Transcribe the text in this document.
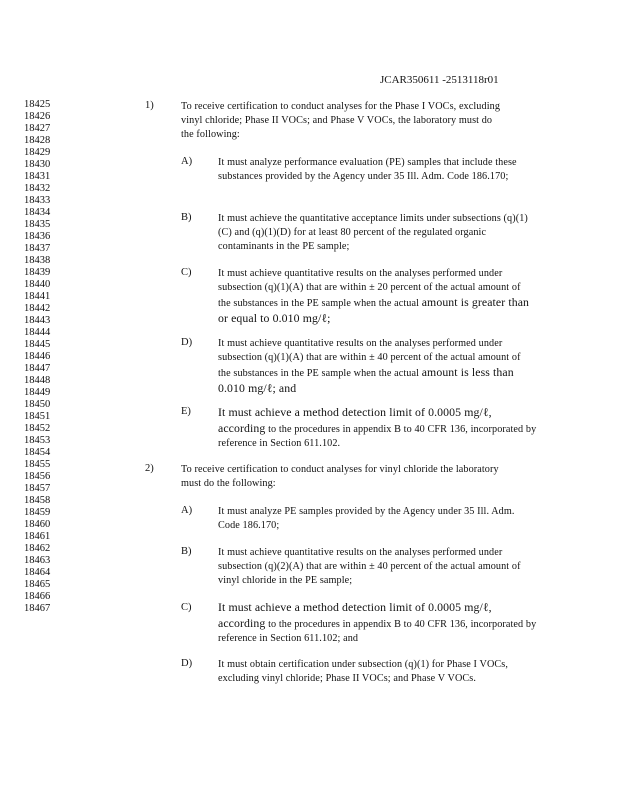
JCAR350611 -2513118r01
18425
18426
18427
18428
18429
18430
18431
18432
18433
18434
18435
18436
18437
18438
18439
18440
18441
18442
18443
18444
18445
18446
18447
18448
18449
18450
18451
18452
18453
18454
18455
18456
18457
18458
18459
18460
18461
18462
18463
18464
18465
18466
18467
1)	To receive certification to conduct analyses for the Phase I VOCs, excluding vinyl chloride; Phase II VOCs; and Phase V VOCs, the laboratory must do the following:
A)	It must analyze performance evaluation (PE) samples that include these substances provided by the Agency under 35 Ill. Adm. Code 186.170;
B)	It must achieve the quantitative acceptance limits under subsections (q)(1)(C) and (q)(1)(D) for at least 80 percent of the regulated organic contaminants in the PE sample;
C)	It must achieve quantitative results on the analyses performed under subsection (q)(1)(A) that are within ± 20 percent of the actual amount of the substances in the PE sample when the actual amount is greater than or equal to 0.010 mg/ℓ;
D)	It must achieve quantitative results on the analyses performed under subsection (q)(1)(A) that are within ± 40 percent of the actual amount of the substances in the PE sample when the actual amount is less than 0.010 mg/ℓ; and
E) It must achieve a method detection limit of 0.0005 mg/ℓ, according to the procedures in appendix B to 40 CFR 136, incorporated by reference in Section 611.102.
2)	To receive certification to conduct analyses for vinyl chloride the laboratory must do the following:
A)	It must analyze PE samples provided by the Agency under 35 Ill. Adm. Code 186.170;
B)	It must achieve quantitative results on the analyses performed under subsection (q)(2)(A) that are within ± 40 percent of the actual amount of vinyl chloride in the PE sample;
C) It must achieve a method detection limit of 0.0005 mg/ℓ, according to the procedures in appendix B to 40 CFR 136, incorporated by reference in Section 611.102; and
D)	It must obtain certification under subsection (q)(1) for Phase I VOCs, excluding vinyl chloride; Phase II VOCs; and Phase V VOCs.
